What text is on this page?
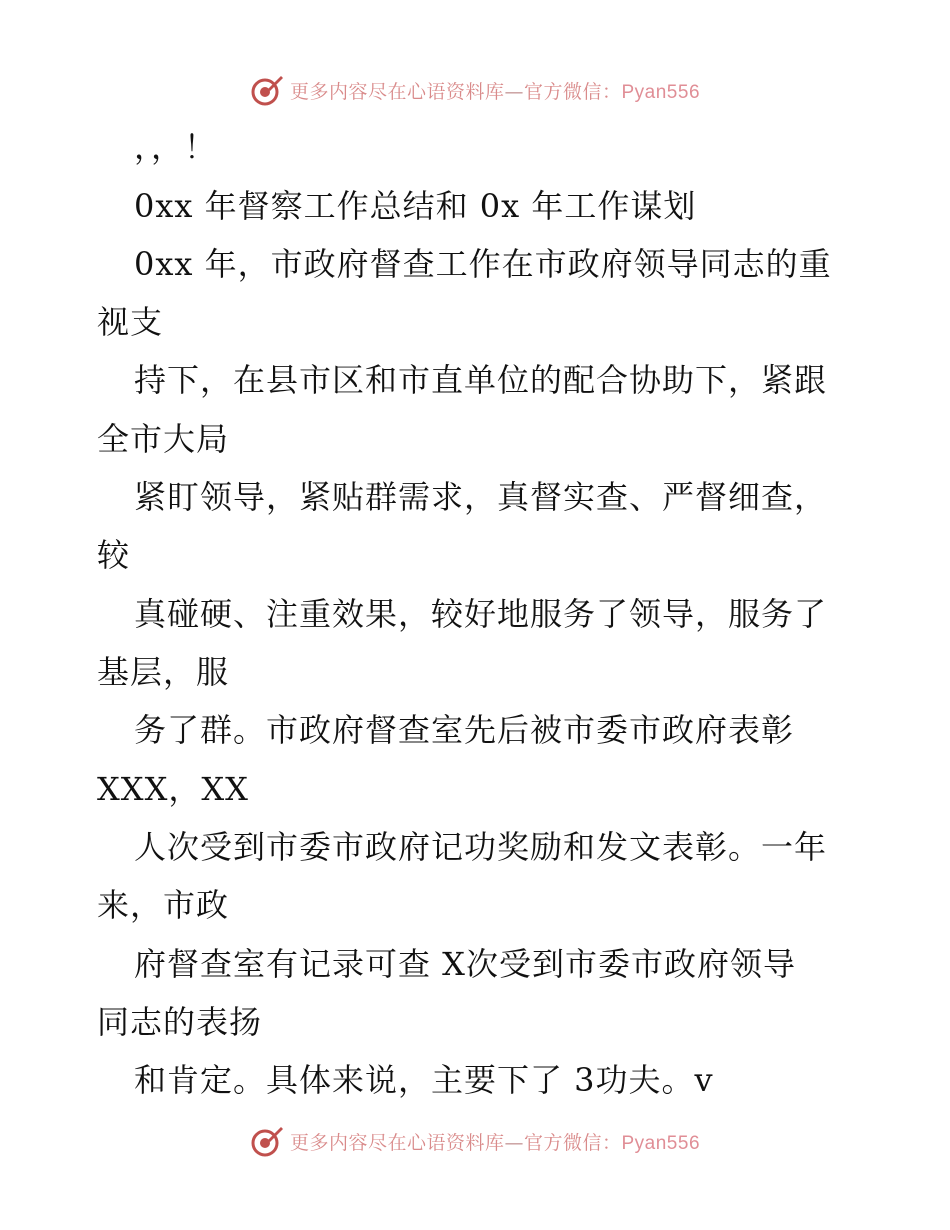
更多内容尽在心语资料库—官方微信：Pyan556
，，！
0xx 年督察工作总结和 0x 年工作谋划
0xx 年，市政府督查工作在市政府领导同志的重
视支
持下，在县市区和市直单位的配合协助下，紧跟
全市大局
紧盯领导，紧贴群需求，真督实查、严督细查，
较
真碰硬、注重效果，较好地服务了领导，服务了
基层，服
务了群。市政府督查室先后被市委市政府表彰
XXX，XX
人次受到市委市政府记功奖励和发文表彰。一年
来，市政
府督查室有记录可查 X次受到市委市政府领导
同志的表扬
和肯定。具体来说，主要下了 3功夫。v
更多内容尽在心语资料库—官方微信：Pyan556
